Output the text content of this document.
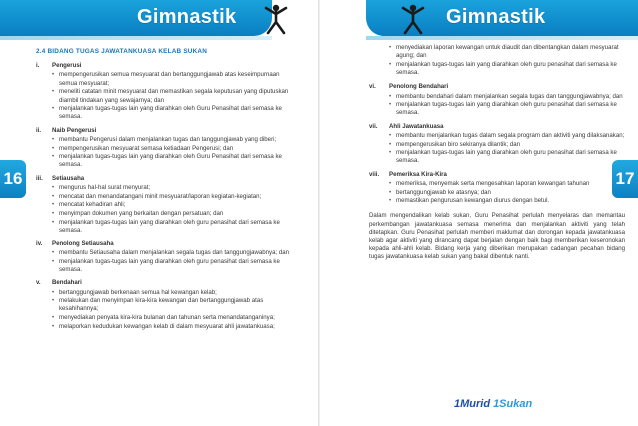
Gimnastik
16
2.4 BIDANG TUGAS JAWATANKUASA KELAB SUKAN
i.	Pengerusi
• mempengerusikan semua mesyuarat dan bertanggungjawab atas keseimpurnaan semua mesyuarat;
• meneliti catatan minit mesyuarat dan memastikan segala keputusan yang diputuskan diambil tindakan yang sewajarnya; dan
• menjalankan tugas-tugas lain yang diarahkan oleh Guru Penasihat dari semasa ke semasa.
ii.	Naib Pengerusi
• membantu Pengerusi dalam menjalankan tugas dan tanggungjawab yang diberi;
• mempengerusikan mesyuarat semasa ketiadaan Pengerusi; dan
• menjalankan tugas-tugas lain yang diarahkan oleh Guru Penasihat dari semasa ke semasa.
iii.	Setiausaha
• mengurus hal-hal surat menyurat;
• mencatat dan menandatangani minit mesyuarat/laporan kegiatan-kegiatan;
• mencatat kehadiran ahli;
• menyimpan dokumen yang berkaitan dengan persatuan; dan
• menjalankan tugas-tugas lain yang diarahkan oleh guru penasihat dari semasa ke semasa.
iv.	Penolong Setiausaha
• membantu Setiausaha dalam menjalankan segala tugas dan tanggungjawabnya; dan
• menjalankan tugas-tugas lain yang diarahkan oleh guru penasihat dari semasa ke semasa.
v.	Bendahari
• bertanggungjawab berkenaan semua hal kewangan kelab;
• melakukan dan menyimpan kira-kira kewangan dan bertanggungjawab atas kesahihannya;
• menyediakan penyata kira-kira bulanan dan tahunan serta menandatanganinya;
• melaporkan kedudukan kewangan kelab di dalam mesyuarat ahli jawatankuasa;
Gimnastik
17
• menyediakan laporan kewangan untuk diaudit dan dibentangkan dalam mesyuarat agung; dan
• menjalankan tugas-tugas lain yang diarahkan oleh guru penasihat dari semasa ke semasa.
vi.	Penolong Bendahari
• membantu bendahari dalam menjalankan segala tugas dan tanggungjawabnya; dan
• menjalankan tugas-tugas lain yang diarahkan oleh guru penasihat dari semasa ke semasa.
vii.	Ahli Jawatankuasa
• membantu menjalankan tugas dalam segala program dan aktiviti yang dilaksanakan;
• mempengerusikan biro sekiranya dilantik; dan
• menjalankan tugas-tugas lain yang diarahkan oleh guru penasihat dari semasa ke semasa.
viii.	Pemeriksa Kira-Kira
• memeriksa, menyemak serta mengesahkan laporan kewangan tahunan
• bertanggungjawab ke atasnya; dan
• memastikan pengurusan kewangan diurus dengan betul.

Dalam mengendalikan kelab sukan, Guru Penasihat perlulah menyelaras dan memantau perkembangan jawatankuasa semasa menerima dan menjalankan aktiviti yang telah ditetapkan. Guru Penasihat perlulah memberi maklumat dan dorongan kepada jawatankuasa kelab agar aktiviti yang dirancang dapat berjalan dengan baik bagi memberikan keseronokan kepada ahli-ahli kelab. Bidang kerja yang diberikan merupakan cadangan pecahan bidang tugas jawatankuasa kelab sukan yang bakal dibentuk nanti.

1Murid 1Sukan
